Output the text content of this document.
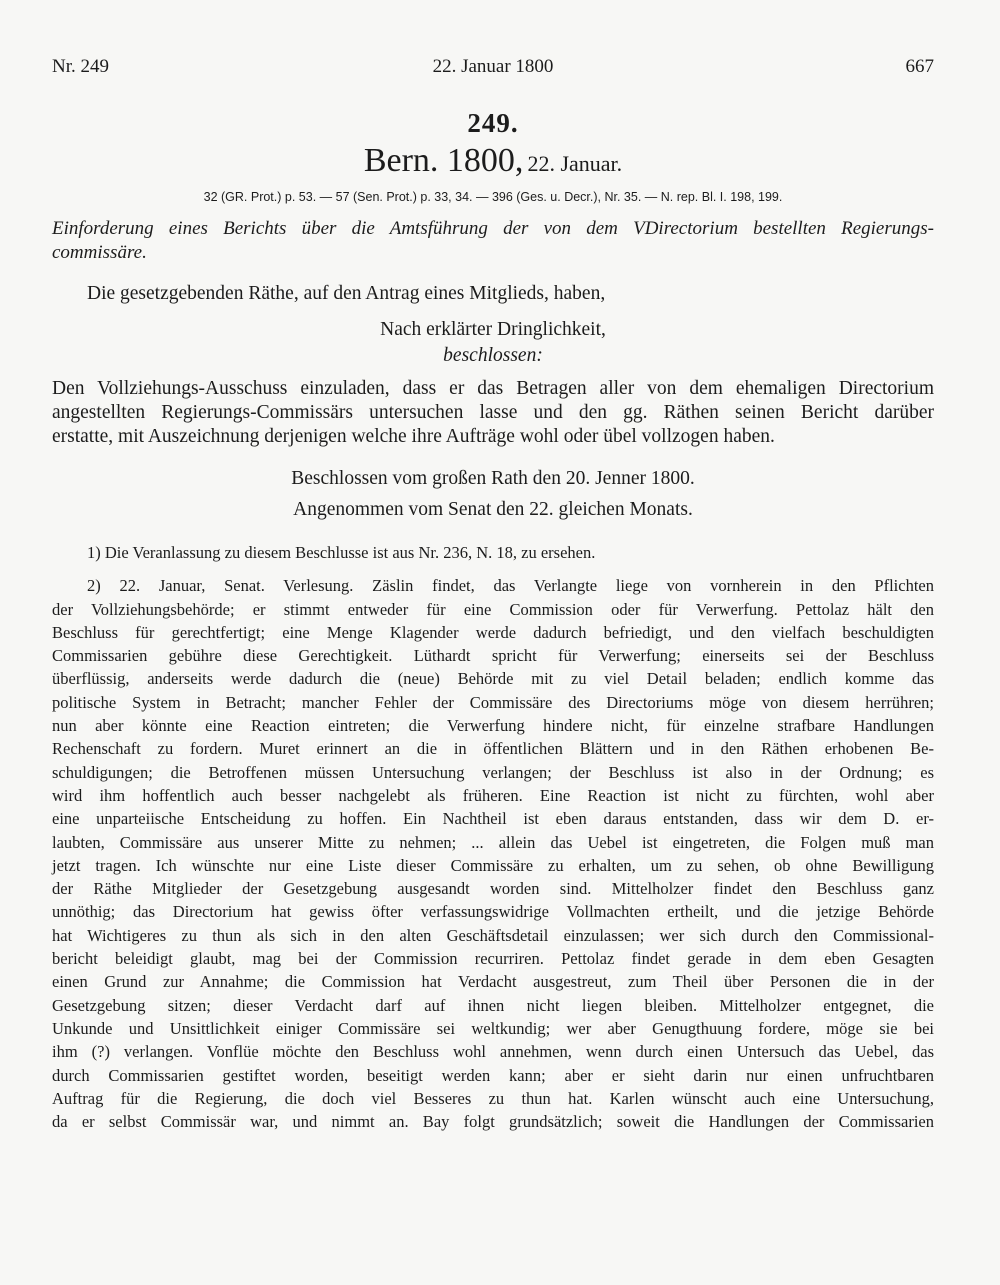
Nr. 249	22. Januar 1800	667
249.
Bern. 1800, 22. Januar.
32 (GR. Prot.) p. 53. — 57 (Sen. Prot.) p. 33, 34. — 396 (Ges. u. Decr.), Nr. 35. — N. rep. Bl. I. 198, 199.
Einforderung eines Berichts über die Amtsführung der von dem VDirectorium bestellten Regierungs-
commissäre.
Die gesetzgebenden Räthe, auf den Antrag eines Mitglieds, haben,
Nach erklärter Dringlichkeit,
beschlossen:
Den Vollziehungs-Ausschuss einzuladen, dass er das Betragen aller von dem ehemaligen Directorium
angestellten Regierungs-Commissärs untersuchen lasse und den gg. Räthen seinen Bericht darüber
erstatte, mit Auszeichnung derjenigen welche ihre Aufträge wohl oder übel vollzogen haben.
Beschlossen vom großen Rath den 20. Jenner 1800.
Angenommen vom Senat den 22. gleichen Monats.
1) Die Veranlassung zu diesem Beschlusse ist aus Nr. 236, N. 18, zu ersehen.
2) 22. Januar, Senat. Verlesung. Zäslin findet, das Verlangte liege von vornherein in den Pflichten
der Vollziehungsbehörde; er stimmt entweder für eine Commission oder für Verwerfung. Pettolaz hält den
Beschluss für gerechtfertigt; eine Menge Klagender werde dadurch befriedigt, und den vielfach beschuldigten
Commissarien gebühre diese Gerechtigkeit. Lüthardt spricht für Verwerfung; einerseits sei der Beschluss
überflüssig, anderseits werde dadurch die (neue) Behörde mit zu viel Detail beladen; endlich komme das
politische System in Betracht; mancher Fehler der Commissäre des Directoriums möge von diesem herrühren;
nun aber könnte eine Reaction eintreten; die Verwerfung hindere nicht, für einzelne strafbare Handlungen
Rechenschaft zu fordern. Muret erinnert an die in öffentlichen Blättern und in den Räthen erhobenen Be-
schuldigungen; die Betroffenen müssen Untersuchung verlangen; der Beschluss ist also in der Ordnung; es
wird ihm hoffentlich auch besser nachgelebt als früheren. Eine Reaction ist nicht zu fürchten, wohl aber
eine unparteiische Entscheidung zu hoffen. Ein Nachtheil ist eben daraus entstanden, dass wir dem D. er-
laubten, Commissäre aus unserer Mitte zu nehmen; ... allein das Uebel ist eingetreten, die Folgen muß man
jetzt tragen. Ich wünschte nur eine Liste dieser Commissäre zu erhalten, um zu sehen, ob ohne Bewilligung
der Räthe Mitglieder der Gesetzgebung ausgesandt worden sind. Mittelholzer findet den Beschluss ganz
unnöthig; das Directorium hat gewiss öfter verfassungswidrige Vollmachten ertheilt, und die jetzige Behörde
hat Wichtigeres zu thun als sich in den alten Geschäftsdetail einzulassen; wer sich durch den Commissional-
bericht beleidigt glaubt, mag bei der Commission recurriren. Pettolaz findet gerade in dem eben Gesagten
einen Grund zur Annahme; die Commission hat Verdacht ausgestreut, zum Theil über Personen die in der
Gesetzgebung sitzen; dieser Verdacht darf auf ihnen nicht liegen bleiben. Mittelholzer entgegnet, die
Unkunde und Unsittlichkeit einiger Commissäre sei weltkundig; wer aber Genugthuung fordere, möge sie bei
ihm (?) verlangen. Vonflüe möchte den Beschluss wohl annehmen, wenn durch einen Untersuch das Uebel, das
durch Commissarien gestiftet worden, beseitigt werden kann; aber er sieht darin nur einen unfruchtbaren
Auftrag für die Regierung, die doch viel Besseres zu thun hat. Karlen wünscht auch eine Untersuchung,
da er selbst Commissär war, und nimmt an. Bay folgt grundsätzlich; soweit die Handlungen der Commissarien
